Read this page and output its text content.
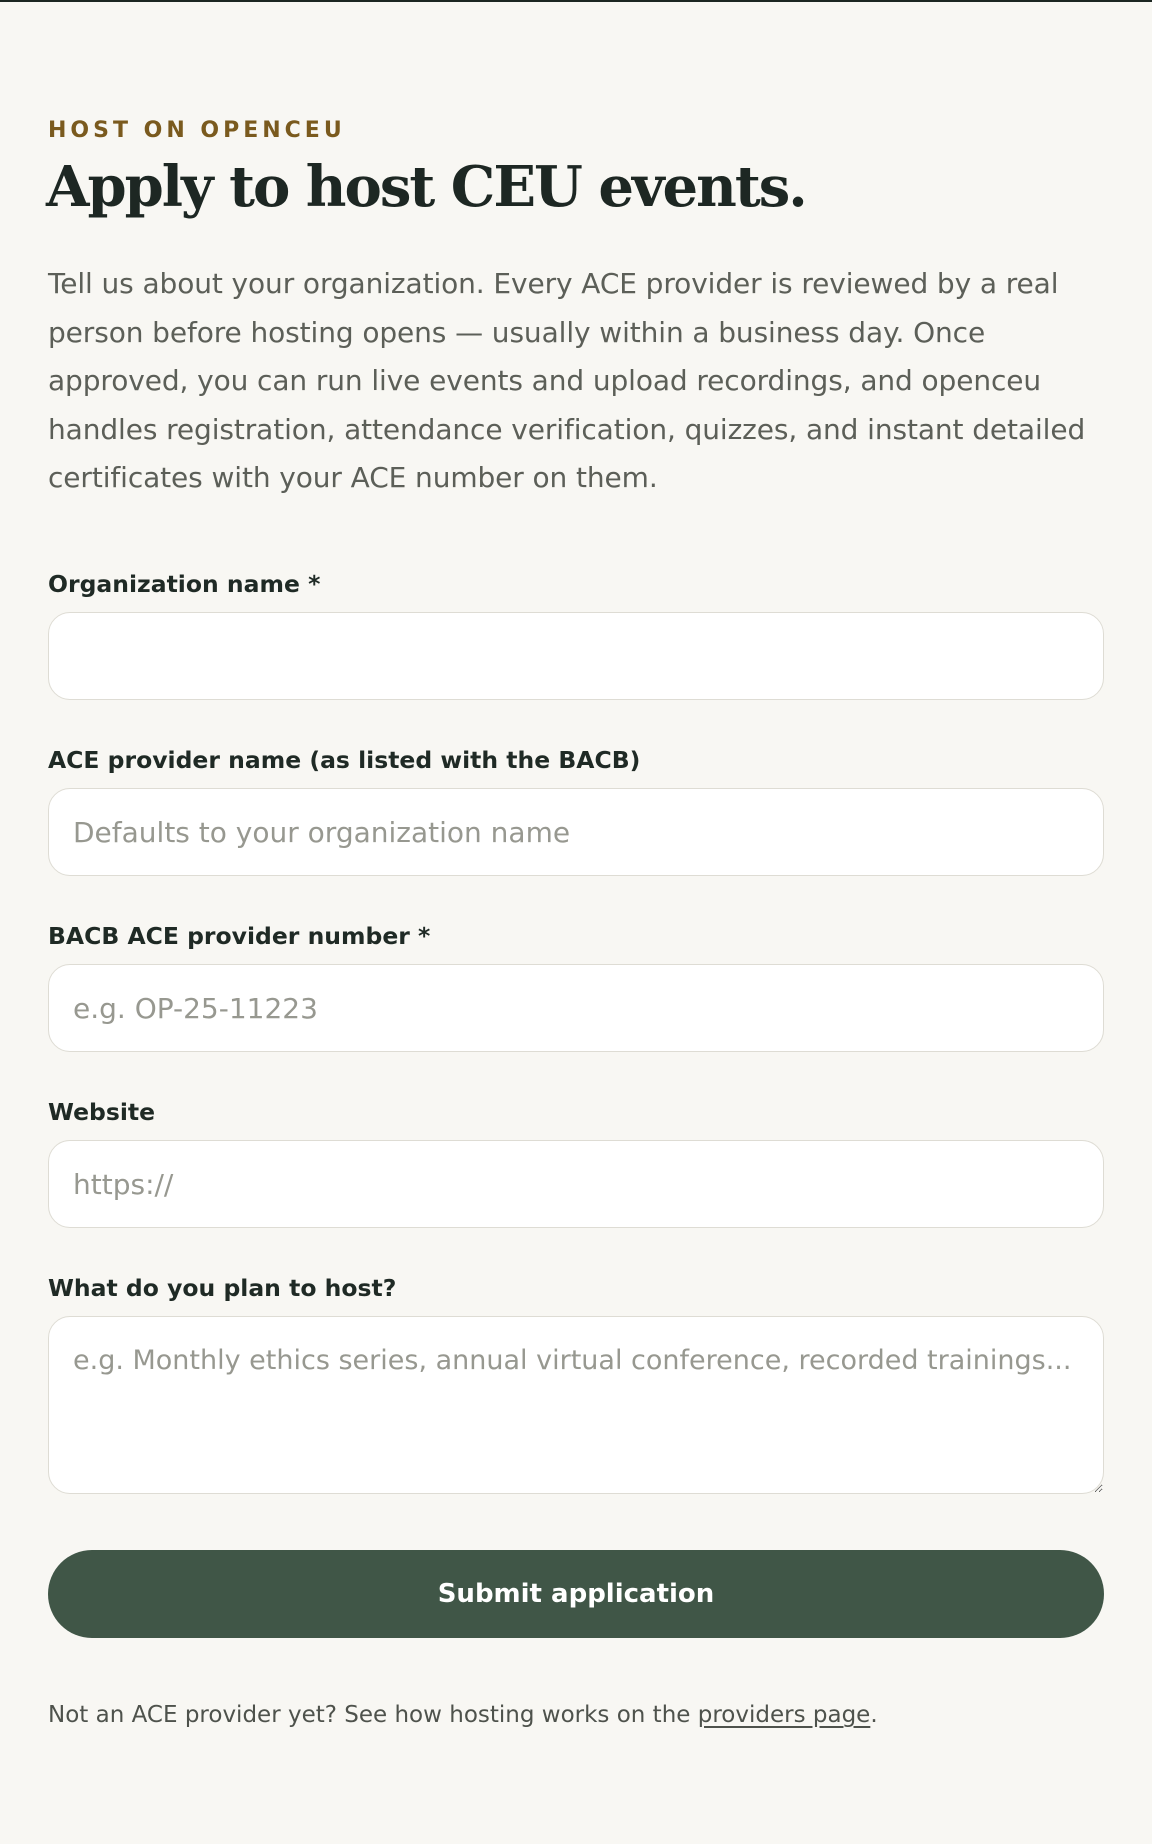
HOST ON OPENCEU
Apply to host CEU events.

Tell us about your organization. Every ACE provider is reviewed by a real person before hosting opens — usually within a business day. Once approved, you can run live events and upload recordings, and openceu handles registration, attendance verification, quizzes, and instant detailed certificates with your ACE number on them.

Organization name *
ACE provider name (as listed with the BACB)
Defaults to your organization name
BACB ACE provider number *
e.g. OP-25-11223
Website
https://
What do you plan to host?
e.g. Monthly ethics series, annual virtual conference, recorded trainings...
Submit application

Not an ACE provider yet? See how hosting works on the providers page.
